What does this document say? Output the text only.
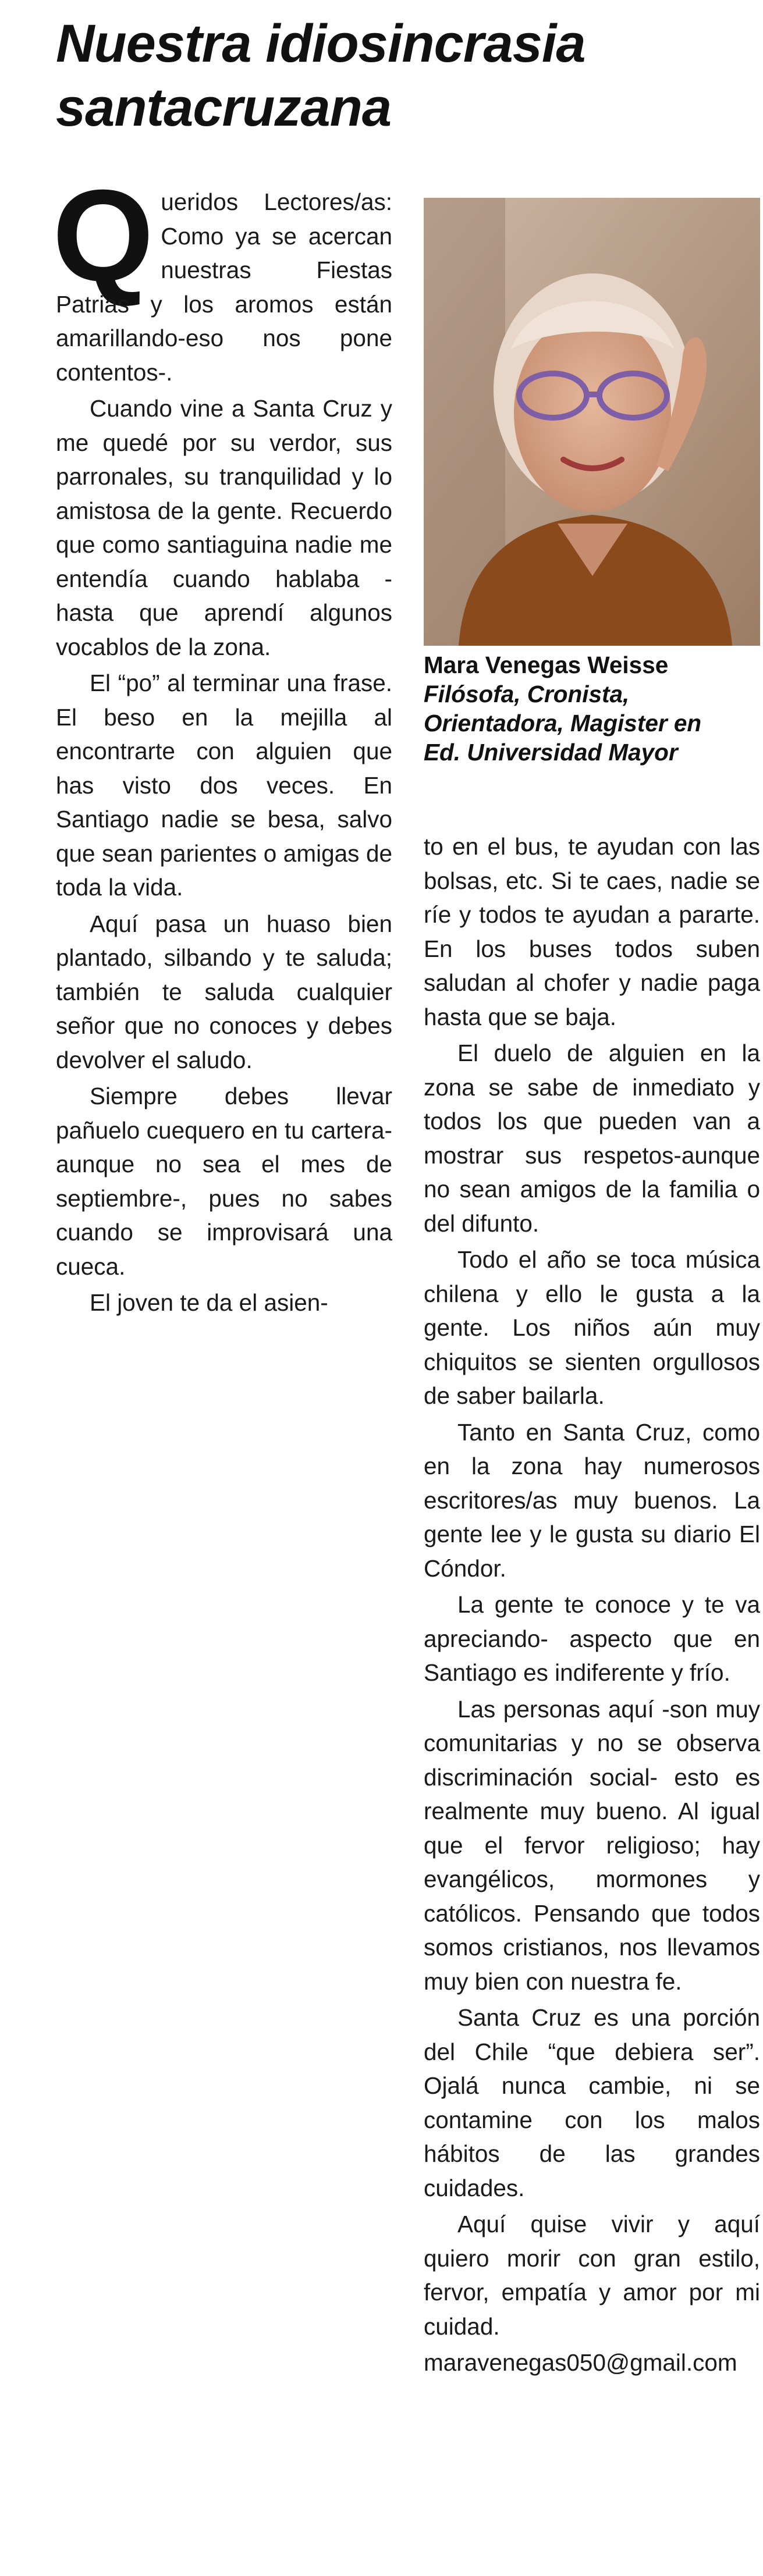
Nuestra idiosincrasia
santacruzana

Queridos Lectores/as: Como ya se acercan nuestras Fiestas Patrias y los aromos están amarillando-eso nos pone contentos-.

Cuando vine a Santa Cruz y me quedé por su verdor, sus parronales, su tranquilidad y lo amistosa de la gente. Recuerdo que como santiaguina nadie me entendía cuando hablaba -hasta que aprendí algunos vocablos de la zona.

El “po” al terminar una frase. El beso en la mejilla al encontrarte con alguien que has visto dos veces. En Santiago nadie se besa, salvo que sean parientes o amigas de toda la vida.

Aquí pasa un huaso bien plantado, silbando y te saluda; también te saluda cualquier señor que no conoces y debes devolver el saludo.

Siempre debes llevar pañuelo cuequero en tu cartera-aunque no sea el mes de septiembre-, pues no sabes cuando se improvisará una cueca.

El joven te da el asien-

Mara Venegas Weisse
Filósofa, Cronista,
Orientadora, Magister en
Ed. Universidad Mayor

to en el bus, te ayudan con las bolsas, etc. Si te caes, nadie se ríe y todos te ayudan a pararte. En los buses todos suben saludan al chofer y nadie paga hasta que se baja.

El duelo de alguien en la zona se sabe de inmediato y todos los que pueden van a mostrar sus respetos-aunque no sean amigos de la familia o del difunto.

Todo el año se toca música chilena y ello le gusta a la gente. Los niños aún muy chiquitos se sienten orgullosos de saber bailarla.

Tanto en Santa Cruz, como en la zona hay numerosos escritores/as muy buenos. La gente lee y le gusta su diario El Cóndor.

La gente te conoce y te va apreciando- aspecto que en Santiago es indiferente y frío.

Las personas aquí -son muy comunitarias y no se observa discriminación social- esto es realmente muy bueno. Al igual que el fervor religioso; hay evangélicos, mormones y católicos. Pensando que todos somos cristianos, nos llevamos muy bien con nuestra fe.

Santa Cruz es una porción del Chile “que debiera ser”. Ojalá nunca cambie, ni se contamine con los malos hábitos de las grandes cuidades.

Aquí quise vivir y aquí quiero morir con gran estilo, fervor, empatía y amor por mi cuidad.

maravenegas050@gmail.com
